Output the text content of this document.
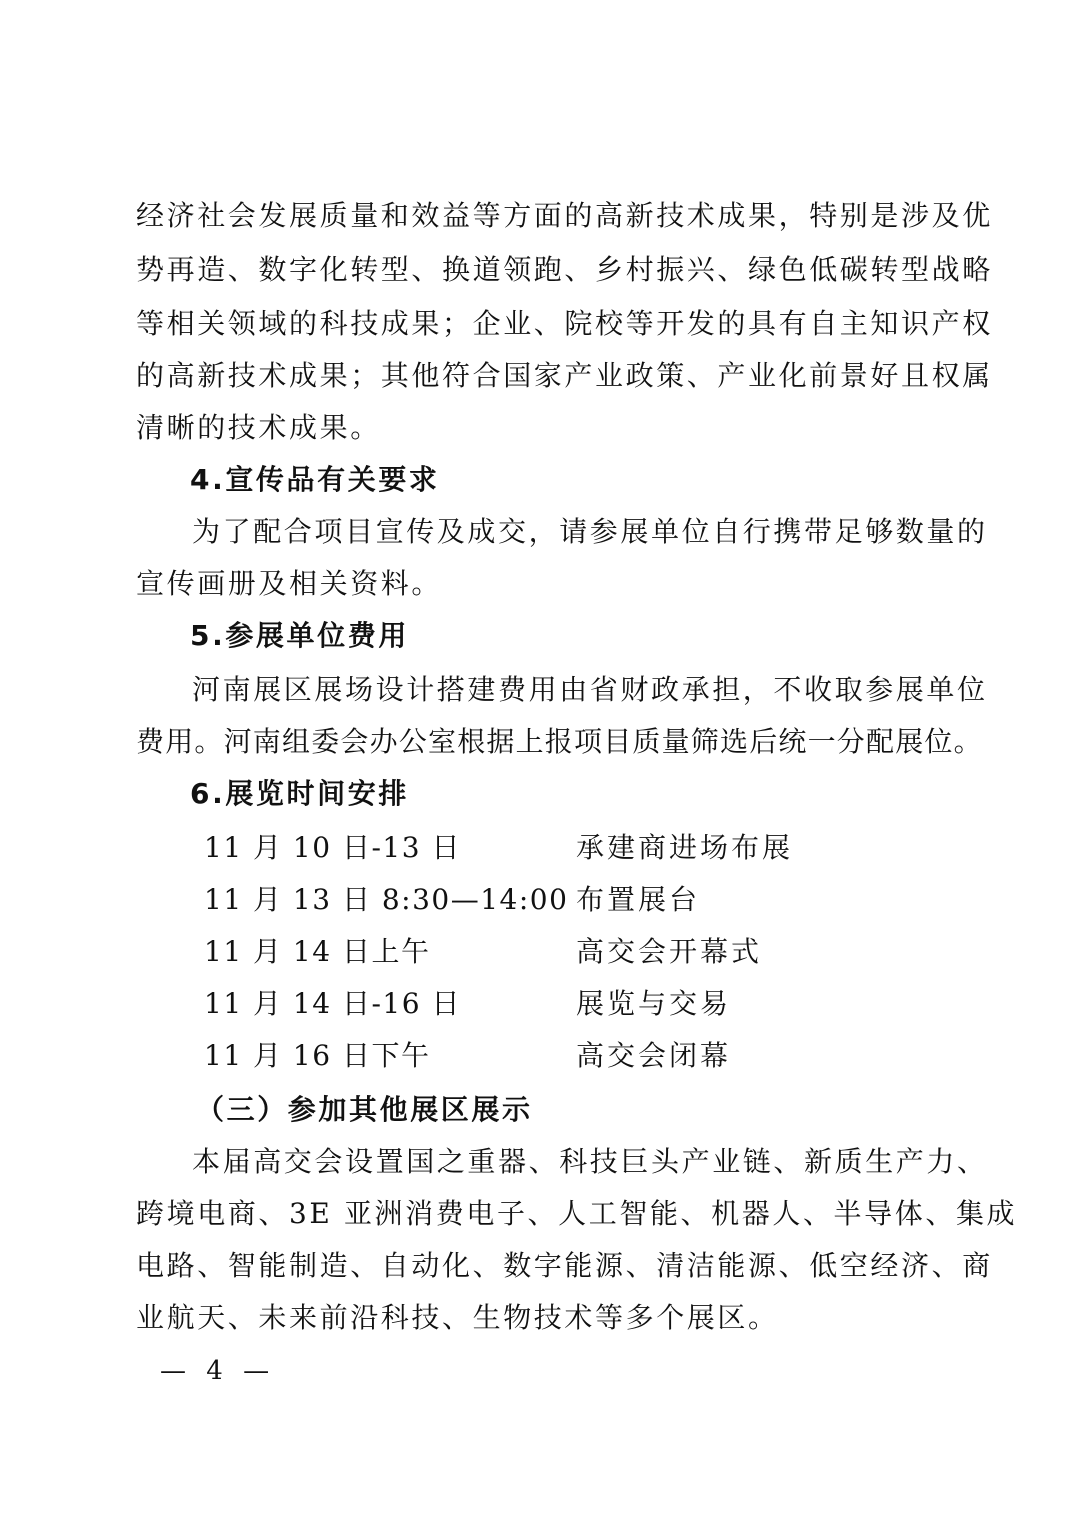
经济社会发展质量和效益等方面的高新技术成果，特别是涉及优
势再造、数字化转型、换道领跑、乡村振兴、绿色低碳转型战略
等相关领域的科技成果；企业、院校等开发的具有自主知识产权
的高新技术成果；其他符合国家产业政策、产业化前景好且权属
清晰的技术成果。
4.宣传品有关要求
为了配合项目宣传及成交，请参展单位自行携带足够数量的
宣传画册及相关资料。
5.参展单位费用
河南展区展场设计搭建费用由省财政承担，不收取参展单位
费用。河南组委会办公室根据上报项目质量筛选后统一分配展位。
6.展览时间安排
11 月 10 日-13 日	承建商进场布展
11 月 13 日 8:30—14:00 布置展台
11 月 14 日上午	高交会开幕式
11 月 14 日-16 日	展览与交易
11 月 16 日下午	高交会闭幕
（三）参加其他展区展示
本届高交会设置国之重器、科技巨头产业链、新质生产力、
跨境电商、3E 亚洲消费电子、人工智能、机器人、半导体、集成
电路、智能制造、自动化、数字能源、清洁能源、低空经济、商
业航天、未来前沿科技、生物技术等多个展区。
— 4 —
